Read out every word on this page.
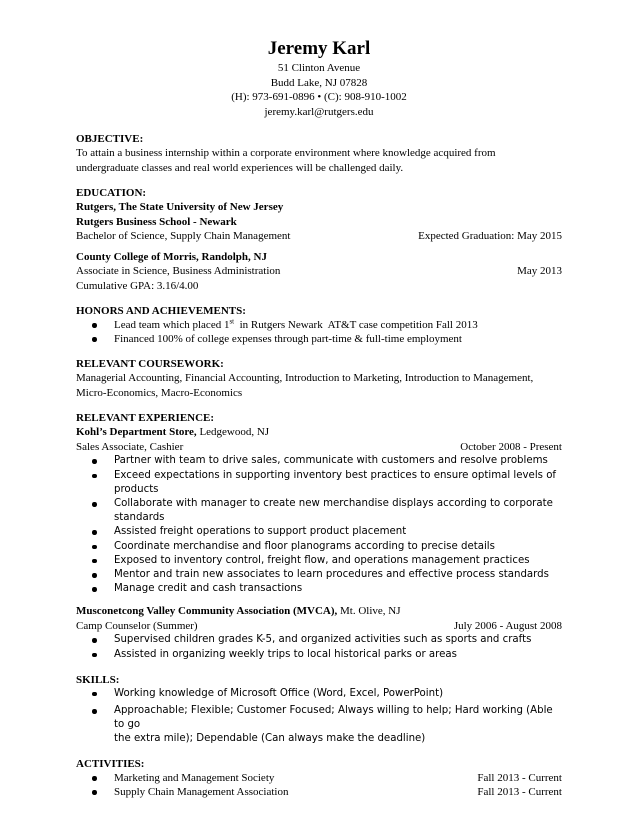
Jeremy Karl
51 Clinton Avenue
Budd Lake, NJ 07828
(H): 973-691-0896 • (C): 908-910-1002
jeremy.karl@rutgers.edu
OBJECTIVE:
To attain a business internship within a corporate environment where knowledge acquired from
undergraduate classes and real world experiences will be challenged daily.
EDUCATION:
Rutgers, The State University of New Jersey
Rutgers Business School - Newark
Bachelor of Science, Supply Chain Management	Expected Graduation: May 2015
County College of Morris, Randolph, NJ
Associate in Science, Business Administration	May 2013
Cumulative GPA: 3.16/4.00
HONORS AND ACHIEVEMENTS:
Lead team which placed 1st  in Rutgers Newark  AT&T case competition Fall 2013
Financed 100% of college expenses through part-time & full-time employment
RELEVANT COURSEWORK:
Managerial Accounting, Financial Accounting, Introduction to Marketing, Introduction to Management,
Micro-Economics, Macro-Economics
RELEVANT EXPERIENCE:
Kohl’s Department Store, Ledgewood, NJ
Sales Associate, Cashier	October 2008 - Present
Partner with team to drive sales, communicate with customers and resolve problems
Exceed expectations in supporting inventory best practices to ensure optimal levels of products
Collaborate with manager to create new merchandise displays according to corporate standards
Assisted freight operations to support product placement
Coordinate merchandise and floor planograms according to precise details
Exposed to inventory control, freight flow, and operations management practices
Mentor and train new associates to learn procedures and effective process standards
Manage credit and cash transactions
Musconetcong Valley Community Association (MVCA), Mt. Olive, NJ
Camp Counselor (Summer)	July 2006 - August 2008
Supervised children grades K-5, and organized activities such as sports and crafts
Assisted in organizing weekly trips to local historical parks or areas
SKILLS:
Working knowledge of Microsoft Office (Word, Excel, PowerPoint)
Approachable; Flexible; Customer Focused; Always willing to help; Hard working (Able to go
the extra mile); Dependable (Can always make the deadline)
ACTIVITIES:
Marketing and Management Society	Fall 2013 - Current
Supply Chain Management Association	Fall 2013 - Current
